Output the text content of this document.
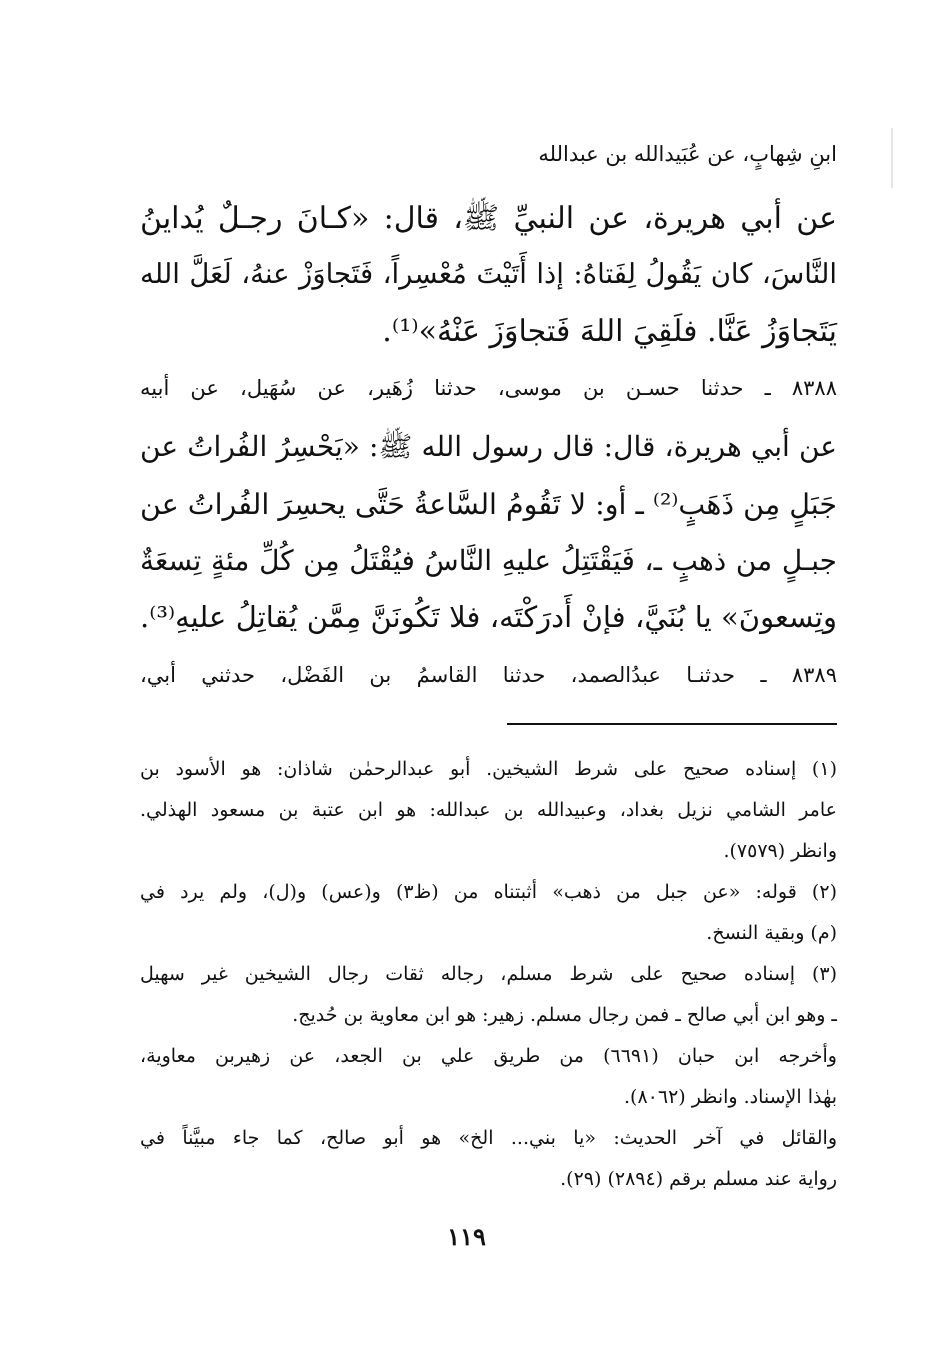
ابنِ شِهابٍ، عن عُبَيدالله بن عبدالله
عن أبي هريرة، عن النبيِّ ﷺ، قال: «كـانَ رجـلٌ يُداينُ
النَّاسَ، كان يَقُولُ لِفَتاهُ: إذا أَتَيْتَ مُعْسِراً، فَتَجاوَزْ عنهُ، لَعَلَّ الله
يَتَجاوَزُ عَنَّا. فلَقِيَ اللهَ فَتجاوَزَ عَنْهُ»⁽¹⁾.
٨٣٨٨ ـ حدثنا حسـن بن موسى، حدثنا زُهَير، عن سُهَيل، عن أبيه
عن أبي هريرة، قال: قال رسول الله ﷺ: «يَحْسِرُ الفُراتُ عن
جَبَلٍ مِن ذَهَبٍ⁽²⁾ ـ أو: لا تَقُومُ السَّاعةُ حَتَّى يحسِرَ الفُراتُ عن
جبـلٍ من ذهبٍ ـ، فَيَقْتَتِلُ عليهِ النَّاسُ فيُقْتَلُ مِن كُلِّ مئةٍ تِسعَةٌ
وتِسعونَ» يا بُنَيَّ، فإنْ أَدرَكْتَه، فلا تَكُونَنَّ مِمَّن يُقاتِلُ عليهِ⁽³⁾.
٨٣٨٩ ـ حدثنـا عبدُالصمد، حدثنا القاسمُ بن الفَضْل، حدثني أبي،
(١) إسناده صحيح على شرط الشيخين. أبو عبدالرحمٰن شاذان: هو الأسود بن
عامر الشامي نزيل بغداد، وعبيدالله بن عبدالله: هو ابن عتبة بن مسعود الهذلي.
وانظر (٧٥٧٩).
(٢) قوله: «عن جبل من ذهب» أثبتناه من (ظ٣) و(عس) و(ل)، ولم يرد في
(م) وبقية النسخ.
(٣) إسناده صحيح على شرط مسلم، رجاله ثقات رجال الشيخين غير سهيل
ـ وهو ابن أبي صالح ـ فمن رجال مسلم. زهير: هو ابن معاوية بن حُديج.
وأخرجه ابن حبان (٦٦٩١) من طريق علي بن الجعد، عن زهيربن معاوية،
بهٰذا الإسناد. وانظر (٨٠٦٢).
والقائل في آخر الحديث: «يا بني... الخ» هو أبو صالح، كما جاء مبيَّناً في
رواية عند مسلم برقم (٢٨٩٤) (٢٩).
١١٩
